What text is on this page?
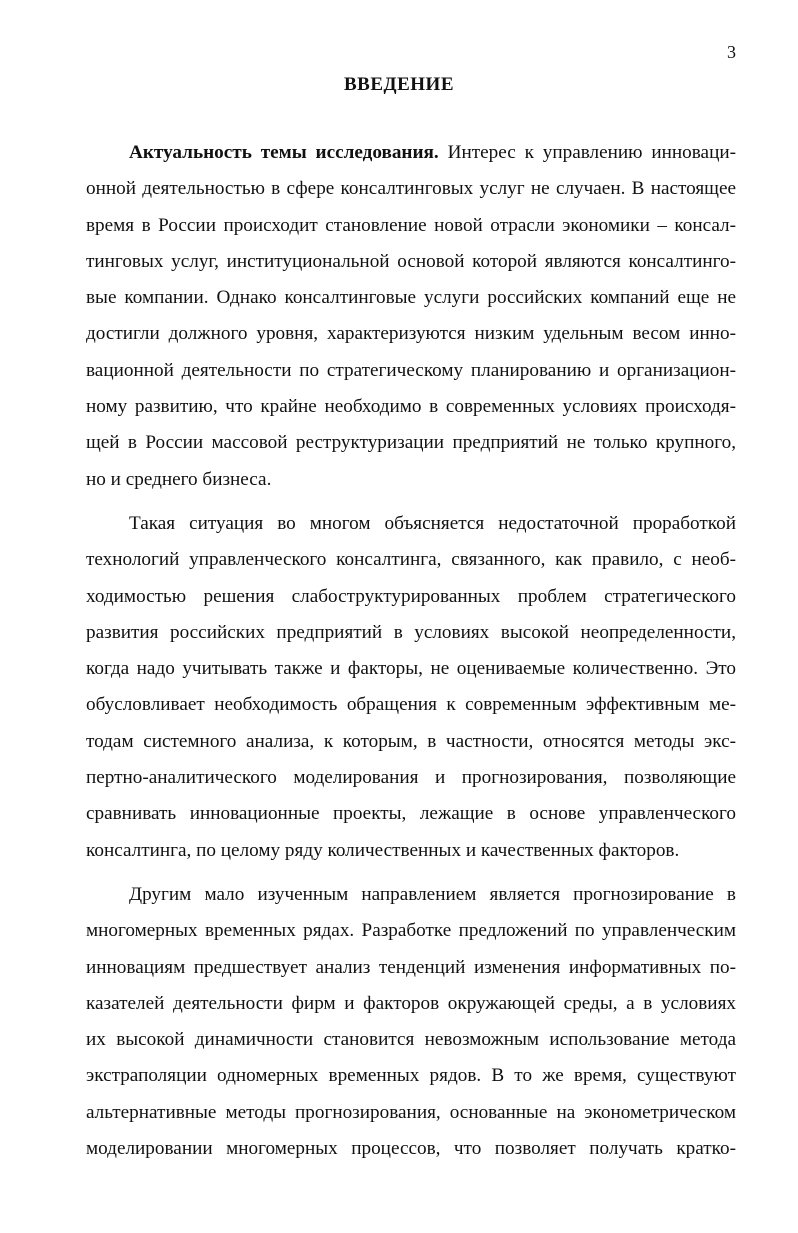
3
ВВЕДЕНИЕ
Актуальность темы исследования. Интерес к управлению инноваци-
онной деятельностью в сфере консалтинговых услуг не случаен. В настоящее
время в России происходит становление новой отрасли экономики – консал-
тинговых услуг, институциональной основой которой являются консалтинго-
вые компании. Однако консалтинговые услуги российских компаний еще не
достигли должного уровня, характеризуются низким удельным весом инно-
вационной деятельности по стратегическому планированию и организацион-
ному развитию, что крайне необходимо в современных условиях происходя-
щей в России массовой реструктуризации предприятий не только крупного,
но и среднего бизнеса.
Такая ситуация во многом объясняется недостаточной проработкой
технологий управленческого консалтинга, связанного, как правило, с необ-
ходимостью решения слабоструктурированных проблем стратегического
развития российских предприятий в условиях высокой неопределенности,
когда надо учитывать также и факторы, не оцениваемые количественно. Это
обусловливает необходимость обращения к современным эффективным ме-
тодам системного анализа, к которым, в частности, относятся методы экс-
пертно-аналитического моделирования и прогнозирования, позволяющие
сравнивать инновационные проекты, лежащие в основе управленческого
консалтинга, по целому ряду количественных и качественных факторов.
Другим мало изученным направлением является прогнозирование в
многомерных временных рядах. Разработке предложений по управленческим
инновациям предшествует анализ тенденций изменения информативных по-
казателей деятельности фирм и факторов окружающей среды, а в условиях
их высокой динамичности становится невозможным использование метода
экстраполяции одномерных временных рядов. В то же время, существуют
альтернативные методы прогнозирования, основанные на эконометрическом
моделировании многомерных процессов, что позволяет получать кратко-
